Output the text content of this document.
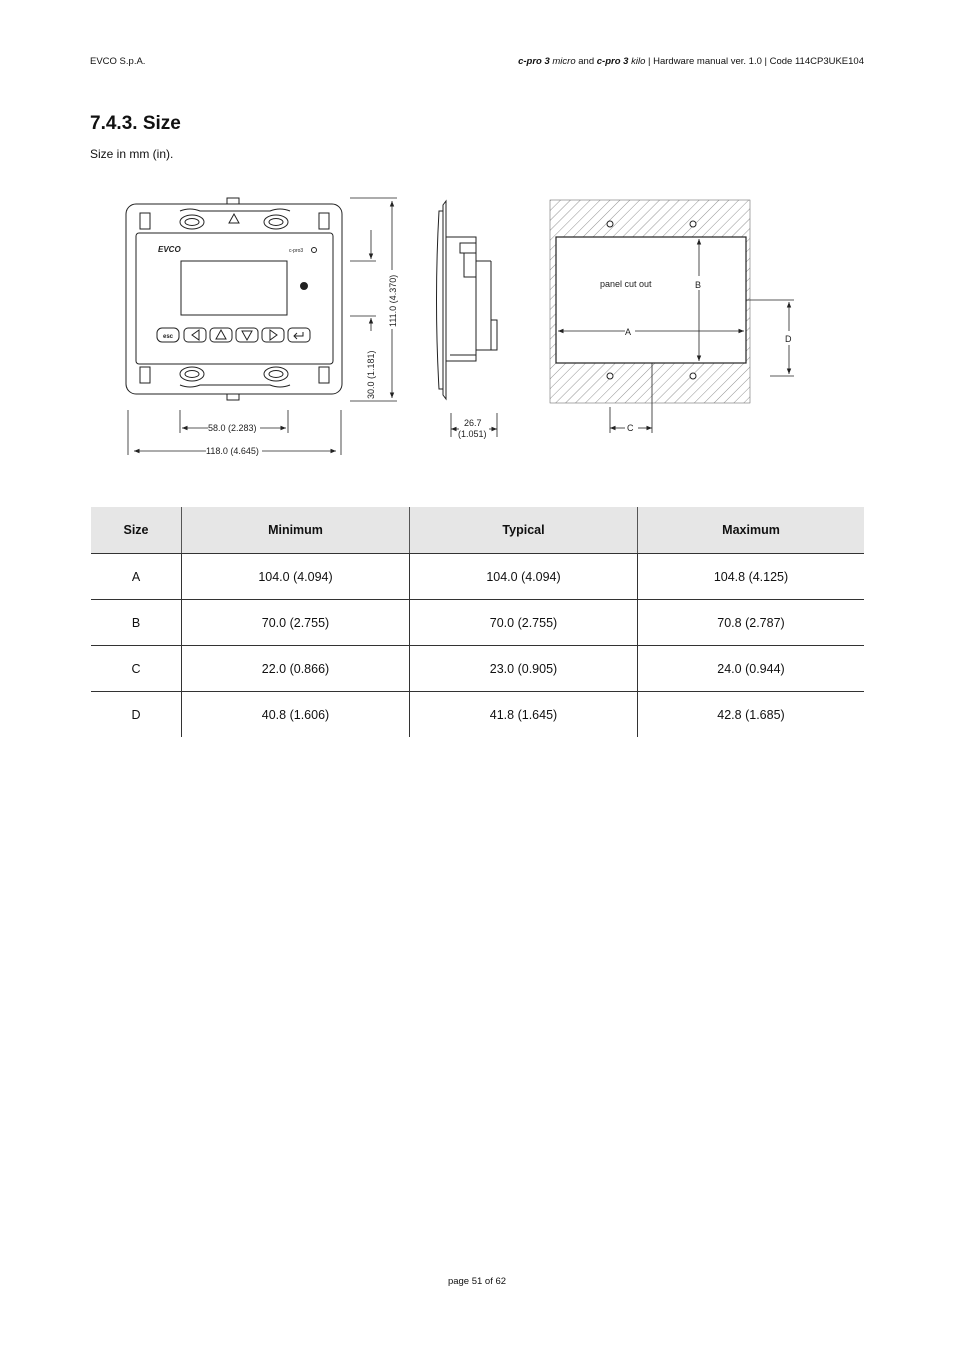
EVCO S.p.A.	c-pro 3 micro and c-pro 3 kilo | Hardware manual ver. 1.0 | Code 114CP3UKE104
7.4.3. Size
Size in mm (in).
EVCO	c-pro3
esc
118.0 (4.645)
58.0 (2.283)
111.0 (4.370)
30.0 (1.181)
26.7
(1.051)
panel cut out
A
B
C
D
Size	Minimum	Typical	Maximum
A	104.0 (4.094)	104.0 (4.094)	104.8 (4.125)
B	70.0 (2.755)	70.0 (2.755)	70.8 (2.787)
C	22.0 (0.866)	23.0 (0.905)	24.0 (0.944)
D	40.8 (1.606)	41.8 (1.645)	42.8 (1.685)
page 51 of 62
